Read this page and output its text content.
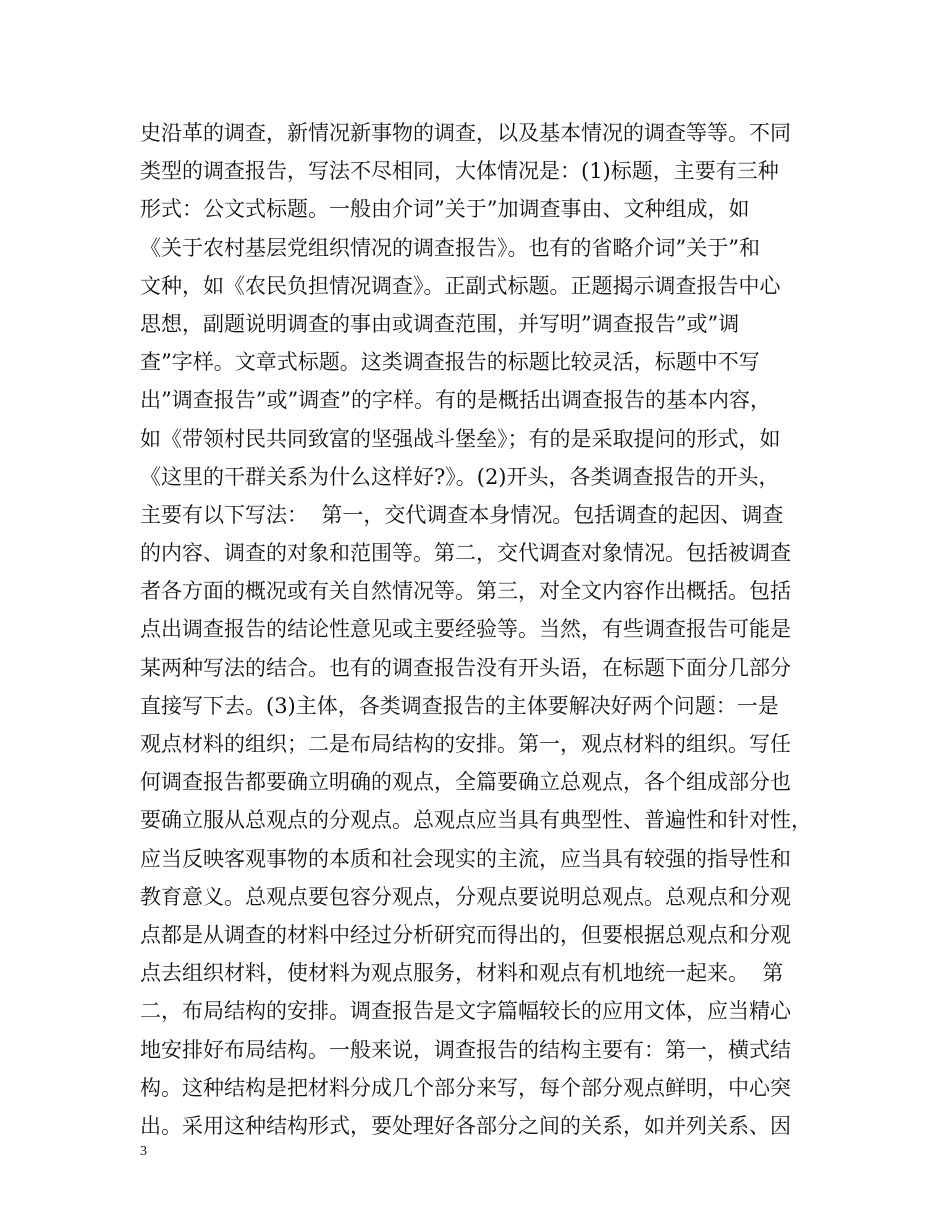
史沿革的调查，新情况新事物的调查，以及基本情况的调查等等。不同
类型的调查报告，写法不尽相同，大体情况是：(1)标题，主要有三种
形式：公文式标题。一般由介词”关于”加调查事由、文种组成，如
《关于农村基层党组织情况的调查报告》。也有的省略介词”关于”和
文种，如《农民负担情况调查》。正副式标题。正题揭示调查报告中心
思想，副题说明调查的事由或调查范围，并写明”调查报告”或”调
查”字样。文章式标题。这类调查报告的标题比较灵活，标题中不写
出”调查报告”或”调查”的字样。有的是概括出调查报告的基本内容，
如《带领村民共同致富的坚强战斗堡垒》；有的是采取提问的形式，如
《这里的干群关系为什么这样好?》。(2)开头，各类调查报告的开头，
主要有以下写法：  第一，交代调查本身情况。包括调查的起因、调查
的内容、调查的对象和范围等。第二，交代调查对象情况。包括被调查
者各方面的概况或有关自然情况等。第三，对全文内容作出概括。包括
点出调查报告的结论性意见或主要经验等。当然，有些调查报告可能是
某两种写法的结合。也有的调查报告没有开头语，在标题下面分几部分
直接写下去。(3)主体，各类调查报告的主体要解决好两个问题：一是
观点材料的组织；二是布局结构的安排。第一，观点材料的组织。写任
何调查报告都要确立明确的观点，全篇要确立总观点，各个组成部分也
要确立服从总观点的分观点。总观点应当具有典型性、普遍性和针对性，
应当反映客观事物的本质和社会现实的主流，应当具有较强的指导性和
教育意义。总观点要包容分观点，分观点要说明总观点。总观点和分观
点都是从调查的材料中经过分析研究而得出的，但要根据总观点和分观
点去组织材料，使材料为观点服务，材料和观点有机地统一起来。  第
二，布局结构的安排。调查报告是文字篇幅较长的应用文体，应当精心
地安排好布局结构。一般来说，调查报告的结构主要有：第一，横式结
构。这种结构是把材料分成几个部分来写，每个部分观点鲜明，中心突
出。采用这种结构形式，要处理好各部分之间的关系，如并列关系、因
3
